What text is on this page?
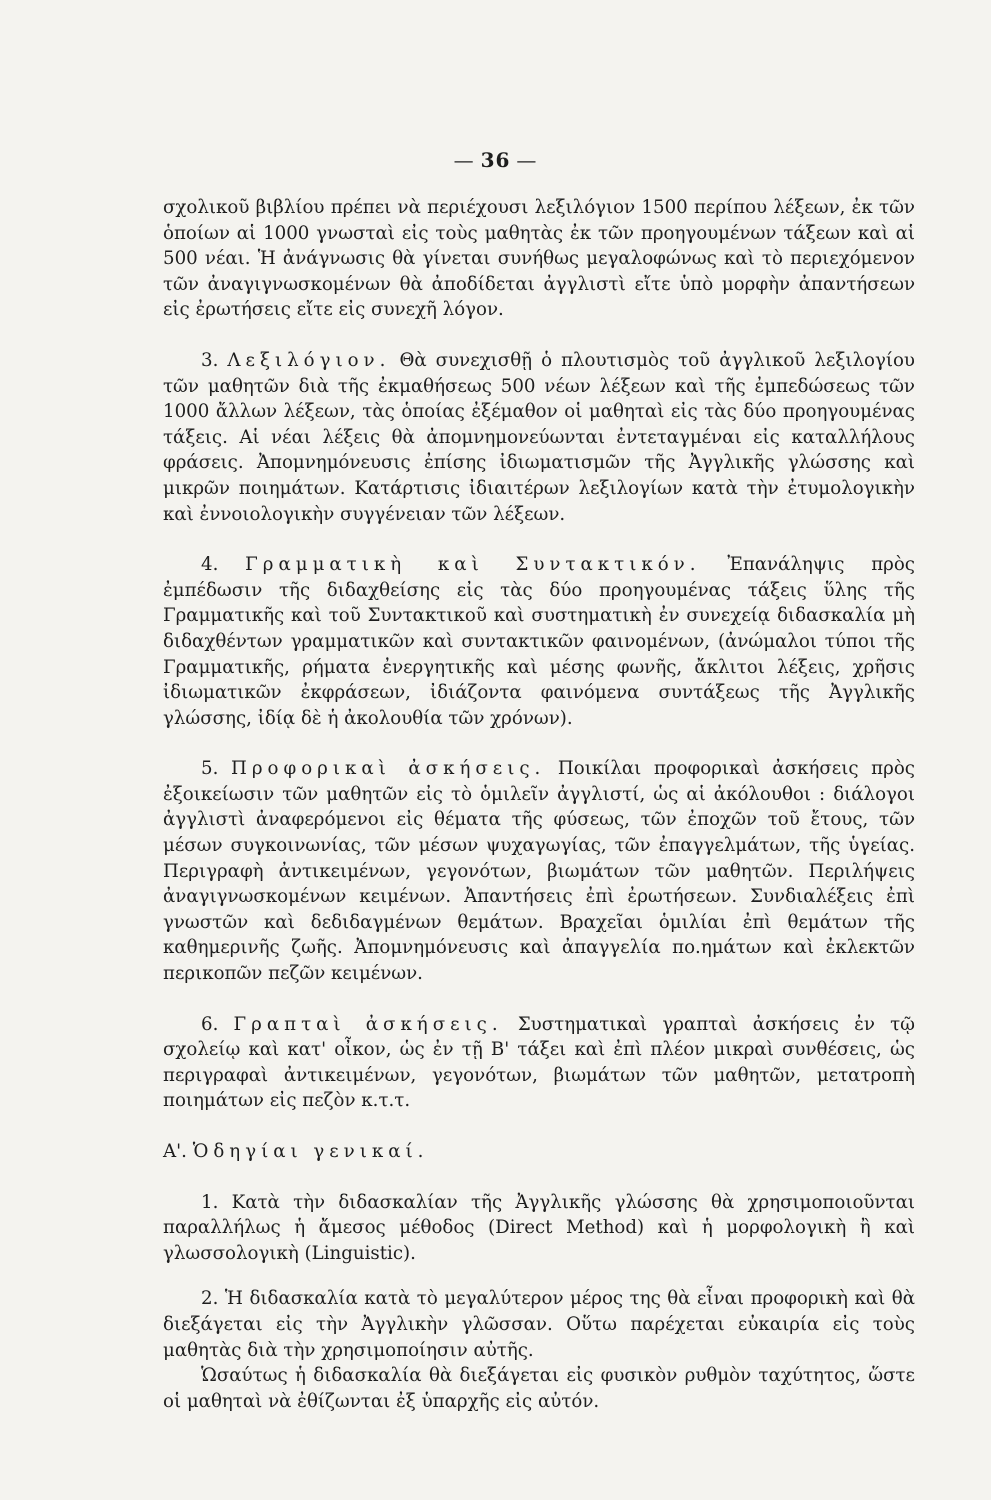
— 36 —

σχολικοῦ βιβλίου πρέπει νὰ περιέχουσι λεξιλόγιον 1500 περίπου λέξεων, ἐκ τῶν ὁποίων αἱ 1000 γνωσταὶ εἰς τοὺς μαθητὰς ἐκ τῶν προηγουμένων τάξεων καὶ αἱ 500 νέαι. Ἡ ἀνάγνωσις θὰ γίνεται συνήθως μεγαλοφώνως καὶ τὸ περιεχόμενον τῶν ἀναγιγνωσκομένων θὰ ἀποδίδεται ἀγγλιστὶ εἴτε ὑπὸ μορφὴν ἀπαντήσεων εἰς ἐρωτήσεις εἴτε εἰς συνεχῆ λόγον.

3. Λεξιλόγιον. Θὰ συνεχισθῇ ὁ πλουτισμὸς τοῦ ἀγγλικοῦ λεξιλογίου τῶν μαθητῶν διὰ τῆς ἐκμαθήσεως 500 νέων λέξεων καὶ τῆς ἐμπεδώσεως τῶν 1000 ἄλλων λέξεων, τὰς ὁποίας ἐξέμαθον οἱ μαθηταὶ εἰς τὰς δύο προηγουμένας τάξεις. Αἱ νέαι λέξεις θὰ ἀπομνημονεύωνται ἐντεταγμέναι εἰς καταλλήλους φράσεις. Ἀπομνημόνευσις ἐπίσης ἰδιωματισμῶν τῆς Ἀγγλικῆς γλώσσης καὶ μικρῶν ποιημάτων. Κατάρτισις ἰδιαιτέρων λεξιλογίων κατὰ τὴν ἐτυμολογικὴν καὶ ἐννοιολογικὴν συγγένειαν τῶν λέξεων.

4. Γραμματικὴ καὶ Συντακτικόν. Ἐπανάληψις πρὸς ἐμπέδωσιν τῆς διδαχθείσης εἰς τὰς δύο προηγουμένας τάξεις ὕλης τῆς Γραμματικῆς καὶ τοῦ Συντακτικοῦ καὶ συστηματικὴ ἐν συνεχείᾳ διδασκαλία μὴ διδαχθέντων γραμματικῶν καὶ συντακτικῶν φαινομένων, (ἀνώμαλοι τύποι τῆς Γραμματικῆς, ρήματα ἐνεργητικῆς καὶ μέσης φωνῆς, ἄκλιτοι λέξεις, χρῆσις ἰδιωματικῶν ἐκφράσεων, ἰδιάζοντα φαινόμενα συντάξεως τῆς Ἀγγλικῆς γλώσσης, ἰδίᾳ δὲ ἡ ἀκολουθία τῶν χρόνων).

5. Προφορικαὶ ἀσκήσεις. Ποικίλαι προφορικαὶ ἀσκήσεις πρὸς ἐξοικείωσιν τῶν μαθητῶν εἰς τὸ ὁμιλεῖν ἀγγλιστί, ὡς αἱ ἀκόλουθοι : διάλογοι ἀγγλιστὶ ἀναφερόμενοι εἰς θέματα τῆς φύσεως, τῶν ἐποχῶν τοῦ ἔτους, τῶν μέσων συγκοινωνίας, τῶν μέσων ψυχαγωγίας, τῶν ἐπαγγελμάτων, τῆς ὑγείας. Περιγραφὴ ἀντικειμένων, γεγονότων, βιωμάτων τῶν μαθητῶν. Περιλήψεις ἀναγιγνωσκομένων κειμένων. Ἀπαντήσεις ἐπὶ ἐρωτήσεων. Συνδιαλέξεις ἐπὶ γνωστῶν καὶ δεδιδαγμένων θεμάτων. Βραχεῖαι ὁμιλίαι ἐπὶ θεμάτων τῆς καθημερινῆς ζωῆς. Ἀπομνημόνευσις καὶ ἀπαγγελία πο.ημάτων καὶ ἐκλεκτῶν περικοπῶν πεζῶν κειμένων.

6. Γραπταὶ ἀσκήσεις. Συστηματικαὶ γραπταὶ ἀσκήσεις ἐν τῷ σχολείῳ καὶ κατ' οἶκον, ὡς ἐν τῇ Β' τάξει καὶ ἐπὶ πλέον μικραὶ συνθέσεις, ὡς περιγραφαὶ ἀντικειμένων, γεγονότων, βιωμάτων τῶν μαθητῶν, μετατροπὴ ποιημάτων εἰς πεζὸν κ.τ.τ.

Α'. Ὁδηγίαι γενικαί.

1. Κατὰ τὴν διδασκαλίαν τῆς Ἀγγλικῆς γλώσσης θὰ χρησιμοποιοῦνται παραλλήλως ἡ ἄμεσος μέθοδος (Direct Method) καὶ ἡ μορφολογικὴ ἢ καὶ γλωσσολογικὴ (Linguistic).

2. Ἡ διδασκαλία κατὰ τὸ μεγαλύτερον μέρος της θὰ εἶναι προφορικὴ καὶ θὰ διεξάγεται εἰς τὴν Ἀγγλικὴν γλῶσσαν. Οὕτω παρέχεται εὐκαιρία εἰς τοὺς μαθητὰς διὰ τὴν χρησιμοποίησιν αὐτῆς.

Ὡσαύτως ἡ διδασκαλία θὰ διεξάγεται εἰς φυσικὸν ρυθμὸν ταχύτητος, ὥστε οἱ μαθηταὶ νὰ ἐθίζωνται ἐξ ὑπαρχῆς εἰς αὐτόν.
